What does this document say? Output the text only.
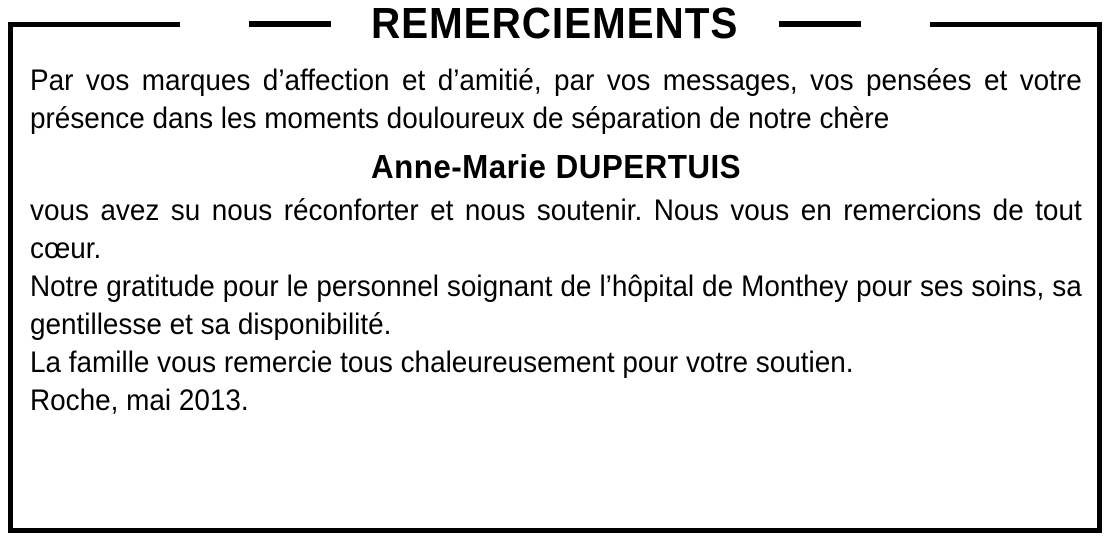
REMERCIEMENTS

Par vos marques d’affection et d’amitié, par vos messages, vos pensées et votre présence dans les moments douloureux de séparation de notre chère

Anne-Marie DUPERTUIS

vous avez su nous réconforter et nous soutenir. Nous vous en remercions de tout cœur.

Notre gratitude pour le personnel soignant de l’hôpital de Monthey pour ses soins, sa gentillesse et sa disponibilité.

La famille vous remercie tous chaleureusement pour votre soutien.

Roche, mai 2013.
